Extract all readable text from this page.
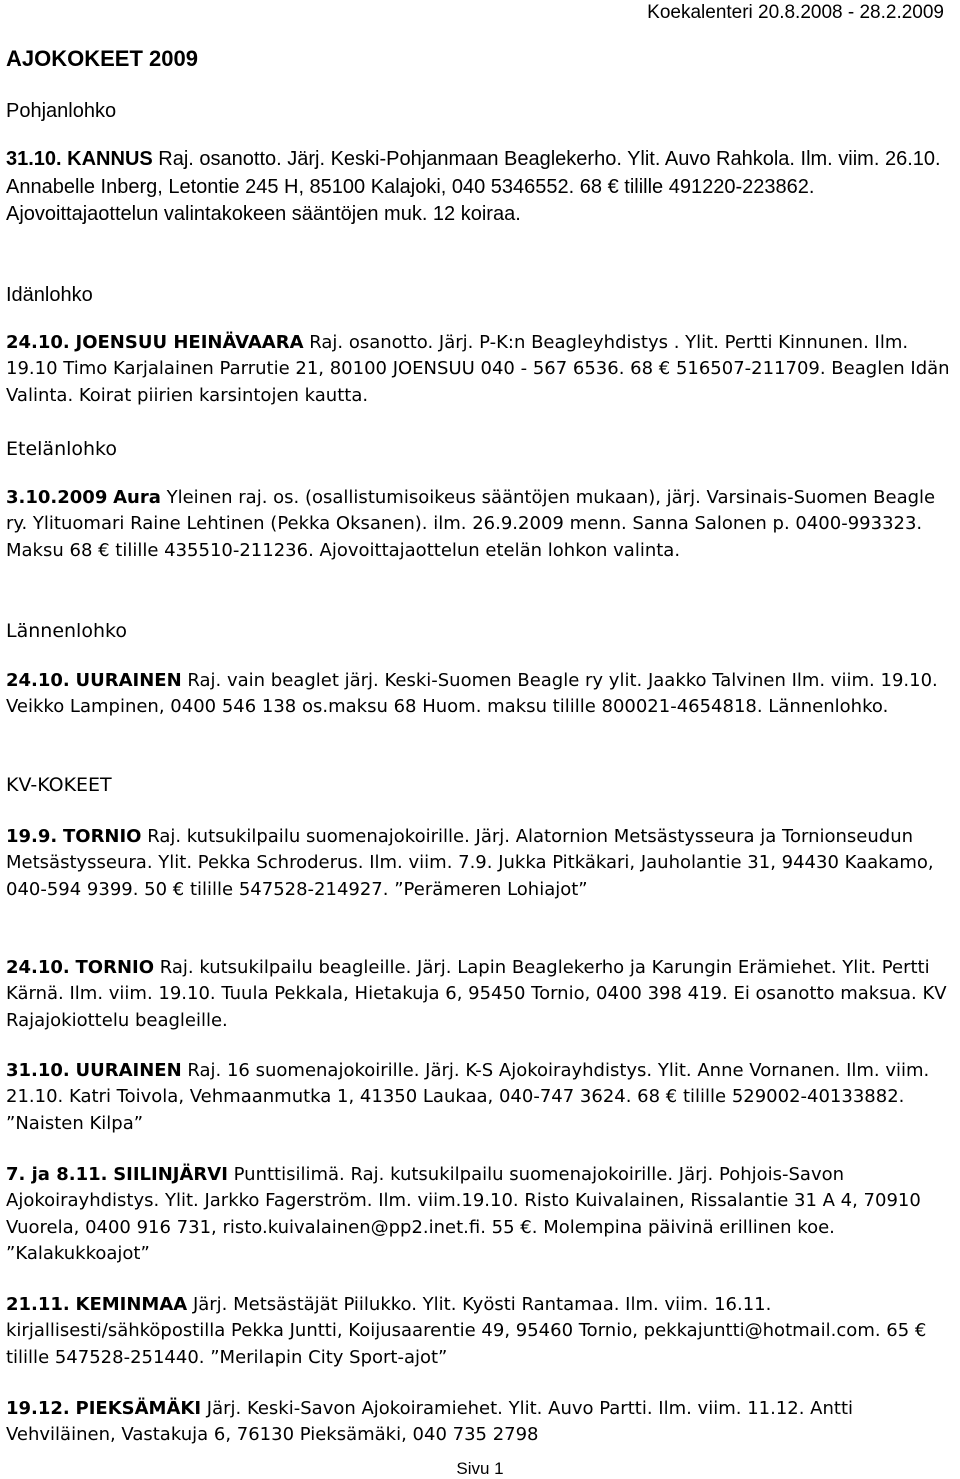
Koekalenteri 20.8.2008 - 28.2.2009
AJOKOKEET 2009
Pohjanlohko

31.10. KANNUS Raj. osanotto. Järj. Keski-Pohjanmaan Beaglekerho. Ylit. Auvo Rahkola. Ilm. viim. 26.10. Annabelle Inberg, Letontie 245 H, 85100 Kalajoki, 040 5346552. 68 € tilille 491220-223862. Ajovoittajaottelun valintakokeen sääntöjen muk. 12 koiraa.

Idänlohko

24.10. JOENSUU HEINÄVAARA Raj. osanotto. Järj. P-K:n Beagleyhdistys . Ylit. Pertti Kinnunen. Ilm. 19.10 Timo Karjalainen Parrutie 21, 80100 JOENSUU 040 - 567 6536. 68 € 516507-211709. Beaglen Idän Valinta. Koirat piirien karsintojen kautta.

Etelänlohko

3.10.2009 Aura Yleinen raj. os. (osallistumisoikeus sääntöjen mukaan), järj. Varsinais-Suomen Beagle ry. Ylituomari Raine Lehtinen (Pekka Oksanen). ilm. 26.9.2009 menn. Sanna Salonen p. 0400-993323. Maksu 68 € tilille 435510-211236. Ajovoittajaottelun etelän lohkon valinta.

Lännenlohko

24.10. UURAINEN Raj. vain beaglet järj. Keski-Suomen Beagle ry ylit. Jaakko Talvinen Ilm. viim. 19.10. Veikko Lampinen, 0400 546 138 os.maksu 68 Huom. maksu tilille 800021-4654818. Lännenlohko.

KV-KOKEET

19.9. TORNIO Raj. kutsukilpailu suomenajokoirille. Järj. Alatornion Metsästysseura ja Tornionseudun Metsästysseura. Ylit. Pekka Schroderus. Ilm. viim. 7.9. Jukka Pitkäkari, Jauholantie 31, 94430 Kaakamo, 040-594 9399. 50 € tilille 547528-214927. ”Perämeren Lohiajot”

24.10. TORNIO Raj. kutsukilpailu beagleille. Järj. Lapin Beaglekerho ja Karungin Erämiehet. Ylit. Pertti Kärnä. Ilm. viim. 19.10. Tuula Pekkala, Hietakuja 6, 95450 Tornio, 0400 398 419. Ei osanotto maksua. KV Rajajokiottelu beagleille.

31.10. UURAINEN Raj. 16 suomenajokoirille. Järj. K-S Ajokoirayhdistys. Ylit. Anne Vornanen. Ilm. viim. 21.10. Katri Toivola, Vehmaanmutka 1, 41350 Laukaa, 040-747 3624. 68 € tilille 529002-40133882. ”Naisten Kilpa”

7. ja 8.11. SIILINJÄRVI Punttisilimä. Raj. kutsukilpailu suomenajokoirille. Järj. Pohjois-Savon Ajokoirayhdistys. Ylit. Jarkko Fagerström. Ilm. viim.19.10. Risto Kuivalainen, Rissalantie 31 A 4, 70910 Vuorela, 0400 916 731, risto.kuivalainen@pp2.inet.fi. 55 €. Molempina päivinä erillinen koe. ”Kalakukkoajot”

21.11. KEMINMAA Järj. Metsästäjät Piilukko. Ylit. Kyösti Rantamaa. Ilm. viim. 16.11. kirjallisesti/sähköpostilla Pekka Juntti, Koijusaarentie 49, 95460 Tornio, pekkajuntti@hotmail.com. 65 € tilille 547528-251440. ”Merilapin City Sport-ajot”

19.12. PIEKSÄMÄKI Järj. Keski-Savon Ajokoiramiehet. Ylit. Auvo Partti. Ilm. viim. 11.12. Antti Vehviläinen, Vastakuja 6, 76130 Pieksämäki, 040 735 2798

Sivu 1
